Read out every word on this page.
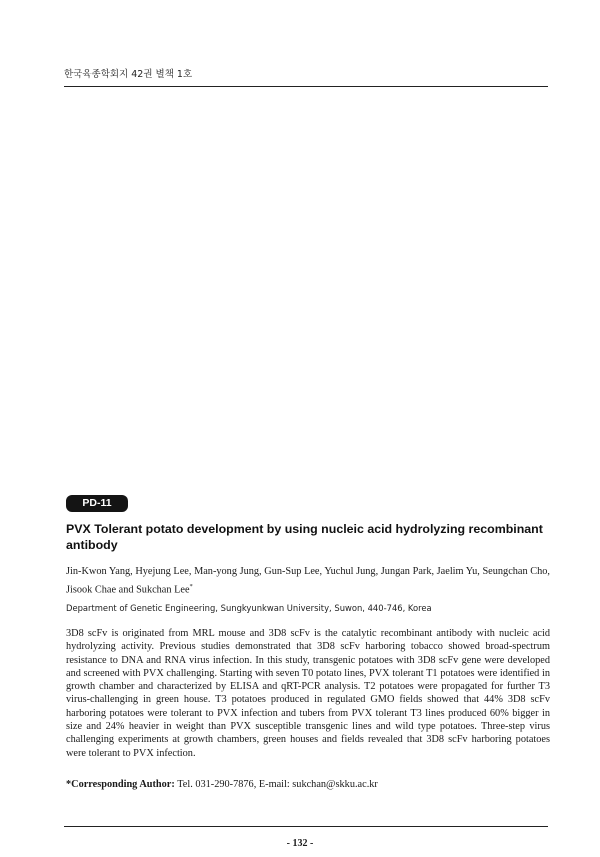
한국육종학회지 42권 별책 1호
PD-11
PVX Tolerant potato development by using nucleic acid hydrolyzing recombinant antibody
Jin-Kwon Yang, Hyejung Lee, Man-yong Jung, Gun-Sup Lee, Yuchul Jung, Jungan Park, Jaelim Yu, Seungchan Cho, Jisook Chae and Sukchan Lee*
Department of Genetic Engineering, Sungkyunkwan University, Suwon, 440-746, Korea
3D8 scFv is originated from MRL mouse and 3D8 scFv is the catalytic recombinant antibody with nucleic acid hydrolyzing activity. Previous studies demonstrated that 3D8 scFv harboring tobacco showed broad-spectrum resistance to DNA and RNA virus infection. In this study, transgenic potatoes with 3D8 scFv gene were developed and screened with PVX challenging. Starting with seven T0 potato lines, PVX tolerant T1 potatoes were identified in growth chamber and characterized by ELISA and qRT-PCR analysis. T2 potatoes were propagated for further T3 virus-challenging in green house. T3 potatoes produced in regulated GMO fields showed that 44% 3D8 scFv harboring potatoes were tolerant to PVX infection and tubers from PVX tolerant T3 lines produced 60% bigger in size and 24% heavier in weight than PVX susceptible transgenic lines and wild type potatoes. Three-step virus challenging experiments at growth chambers, green houses and fields revealed that 3D8 scFv harboring potatoes were tolerant to PVX infection.
*Corresponding Author: Tel. 031-290-7876, E-mail: sukchan@skku.ac.kr
- 132 -
